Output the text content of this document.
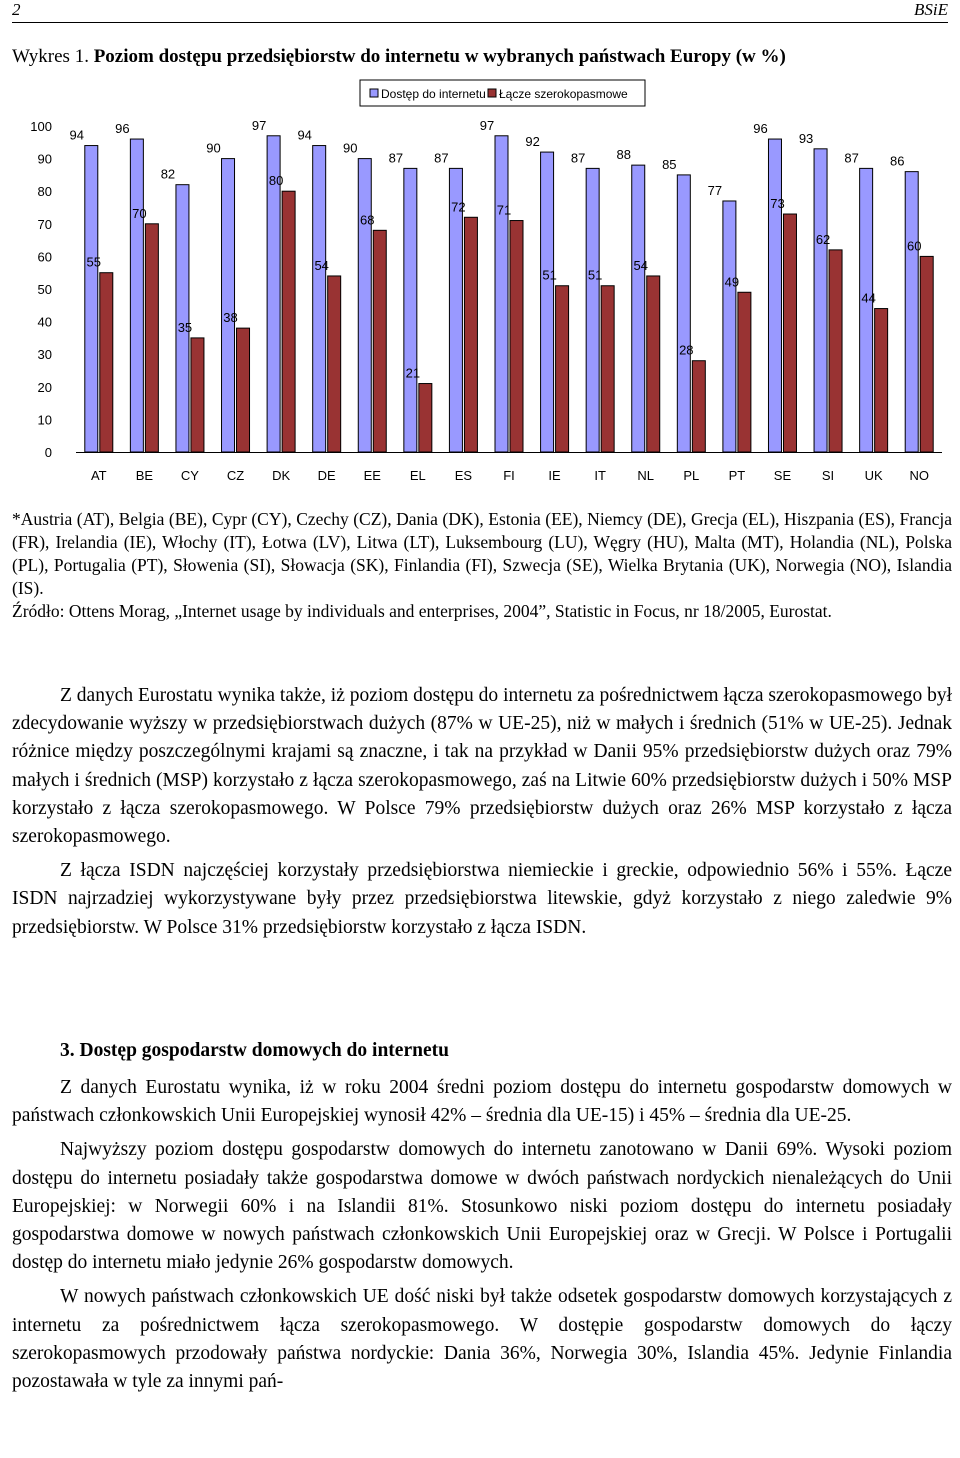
2	BSiE
Wykres 1. Poziom dostępu przedsiębiorstw do internetu w wybranych państwach Europy (w %)
Dostęp do internetu Łącze szerokopasmowe
0
10
20
30
40
50
60
70
80
90
100
94
55
AT
96
70
BE
82
35
CY
90
38
CZ
97
80
DK
94
54
DE
90
68
EE
87
21
EL
87
72
ES
97
71
FI
92
51
IE
87
51
IT
88
54
NL
85
28
PL
77
49
PT
96
73
SE
93
62
SI
87
44
UK
86
60
NO
*Austria (AT), Belgia (BE), Cypr (CY), Czechy (CZ), Dania (DK), Estonia (EE), Niemcy (DE), Grecja (EL), Hiszpania (ES), Francja (FR), Irelandia (IE), Włochy (IT), Łotwa (LV), Litwa (LT), Luksembourg (LU), Węgry (HU), Malta (MT), Holandia (NL), Polska (PL), Portugalia (PT), Słowenia (SI), Słowacja (SK), Finlandia (FI), Szwecja (SE), Wielka Brytania (UK), Norwegia (NO), Islandia (IS).
Źródło: Ottens Morag, „Internet usage by individuals and enterprises, 2004”, Statistic in Focus, nr 18/2005, Eurostat.

Z danych Eurostatu wynika także, iż poziom dostępu do internetu za pośrednictwem łącza szerokopasmowego był zdecydowanie wyższy w przedsiębiorstwach dużych (87% w UE-25), niż w małych i średnich (51% w UE-25). Jednak różnice między poszczególnymi krajami są znaczne, i tak na przykład w Danii 95% przedsiębiorstw dużych oraz 79% małych i średnich (MSP) korzystało z łącza szerokopasmowego, zaś na Litwie 60% przedsiębiorstw dużych i 50% MSP korzystało z łącza szerokopasmowego. W Polsce 79% przedsiębiorstw dużych oraz 26% MSP korzystało z łącza szerokopasmowego.

Z łącza ISDN najczęściej korzystały przedsiębiorstwa niemieckie i greckie, odpowiednio 56% i 55%. Łącze ISDN najrzadziej wykorzystywane były przez przedsiębiorstwa litewskie, gdyż korzystało z niego zaledwie 9% przedsiębiorstw. W Polsce 31% przedsiębiorstw korzystało z łącza ISDN.

3. Dostęp gospodarstw domowych do internetu

Z danych Eurostatu wynika, iż w roku 2004 średni poziom dostępu do internetu gospodarstw domowych w państwach członkowskich Unii Europejskiej wynosił 42% – średnia dla UE-15) i 45% – średnia dla UE-25.

Najwyższy poziom dostępu gospodarstw domowych do internetu zanotowano w Danii 69%. Wysoki poziom dostępu do internetu posiadały także gospodarstwa domowe w dwóch państwach nordyckich nienależących do Unii Europejskiej: w Norwegii 60% i na Islandii 81%. Stosunkowo niski poziom dostępu do internetu posiadały gospodarstwa domowe w nowych państwach członkowskich Unii Europejskiej oraz w Grecji. W Polsce i Portugalii dostęp do internetu miało jedynie 26% gospodarstw domowych.

W nowych państwach członkowskich UE dość niski był także odsetek gospodarstw domowych korzystających z internetu za pośrednictwem łącza szerokopasmowego. W dostępie gospodarstw domowych do łączy szerokopasmowych przodowały państwa nordyckie: Dania 36%, Norwegia 30%, Islandia 45%. Jedynie Finlandia pozostawała w tyle za innymi pań-
